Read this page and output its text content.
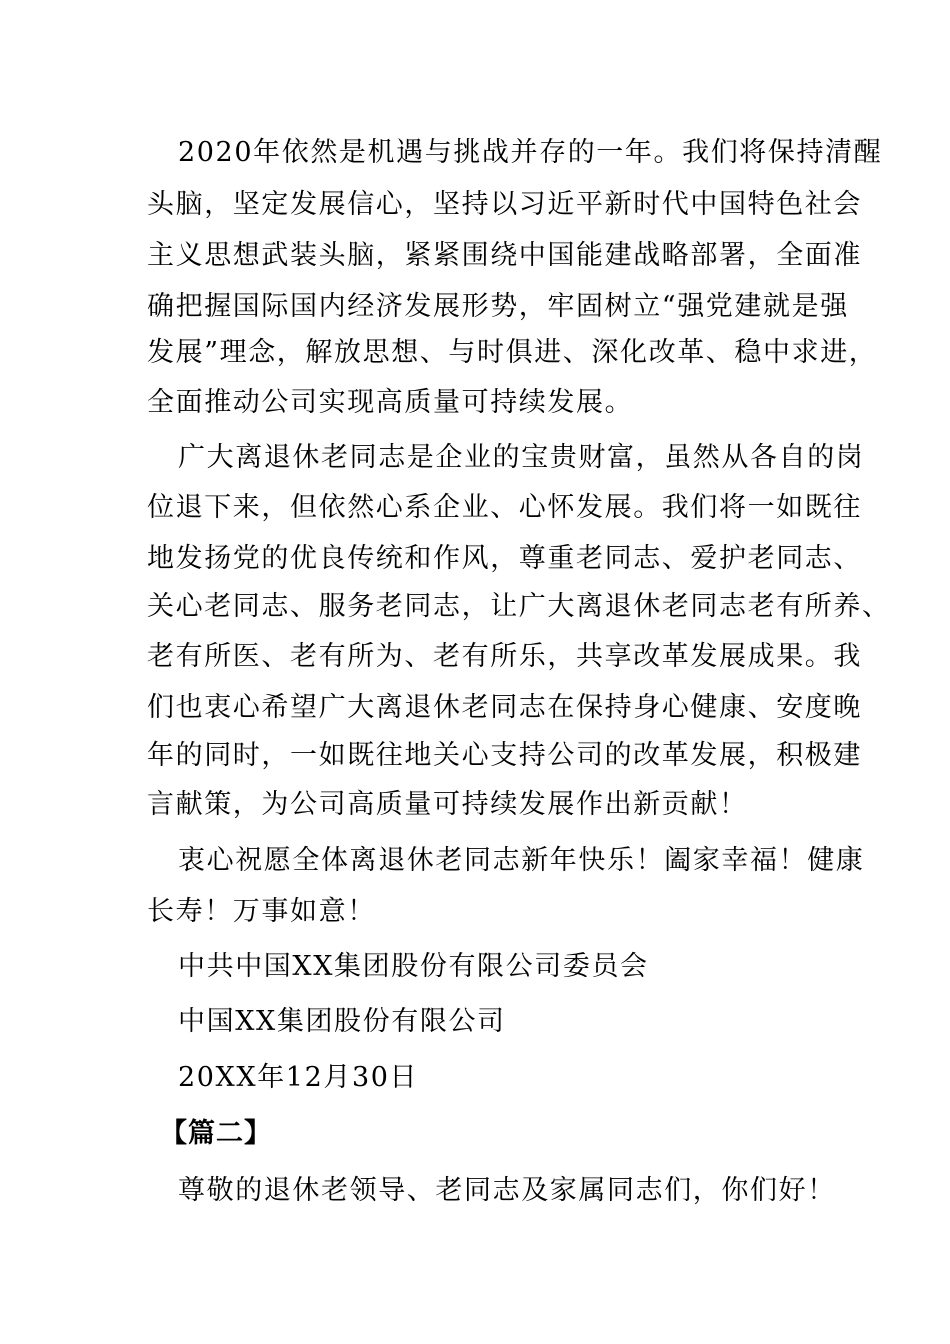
2020年依然是机遇与挑战并存的一年。我们将保持清醒
头脑，坚定发展信心，坚持以习近平新时代中国特色社会
主义思想武装头脑，紧紧围绕中国能建战略部署，全面准
确把握国际国内经济发展形势，牢固树立“强党建就是强
发展”理念，解放思想、与时俱进、深化改革、稳中求进，
全面推动公司实现高质量可持续发展。
广大离退休老同志是企业的宝贵财富，虽然从各自的岗
位退下来，但依然心系企业、心怀发展。我们将一如既往
地发扬党的优良传统和作风，尊重老同志、爱护老同志、
关心老同志、服务老同志，让广大离退休老同志老有所养、
老有所医、老有所为、老有所乐，共享改革发展成果。我
们也衷心希望广大离退休老同志在保持身心健康、安度晚
年的同时，一如既往地关心支持公司的改革发展，积极建
言献策，为公司高质量可持续发展作出新贡献！
衷心祝愿全体离退休老同志新年快乐！阖家幸福！健康
长寿！万事如意！
中共中国XX集团股份有限公司委员会
中国XX集团股份有限公司
20XX年12月30日
【篇二】
尊敬的退休老领导、老同志及家属同志们，你们好！
